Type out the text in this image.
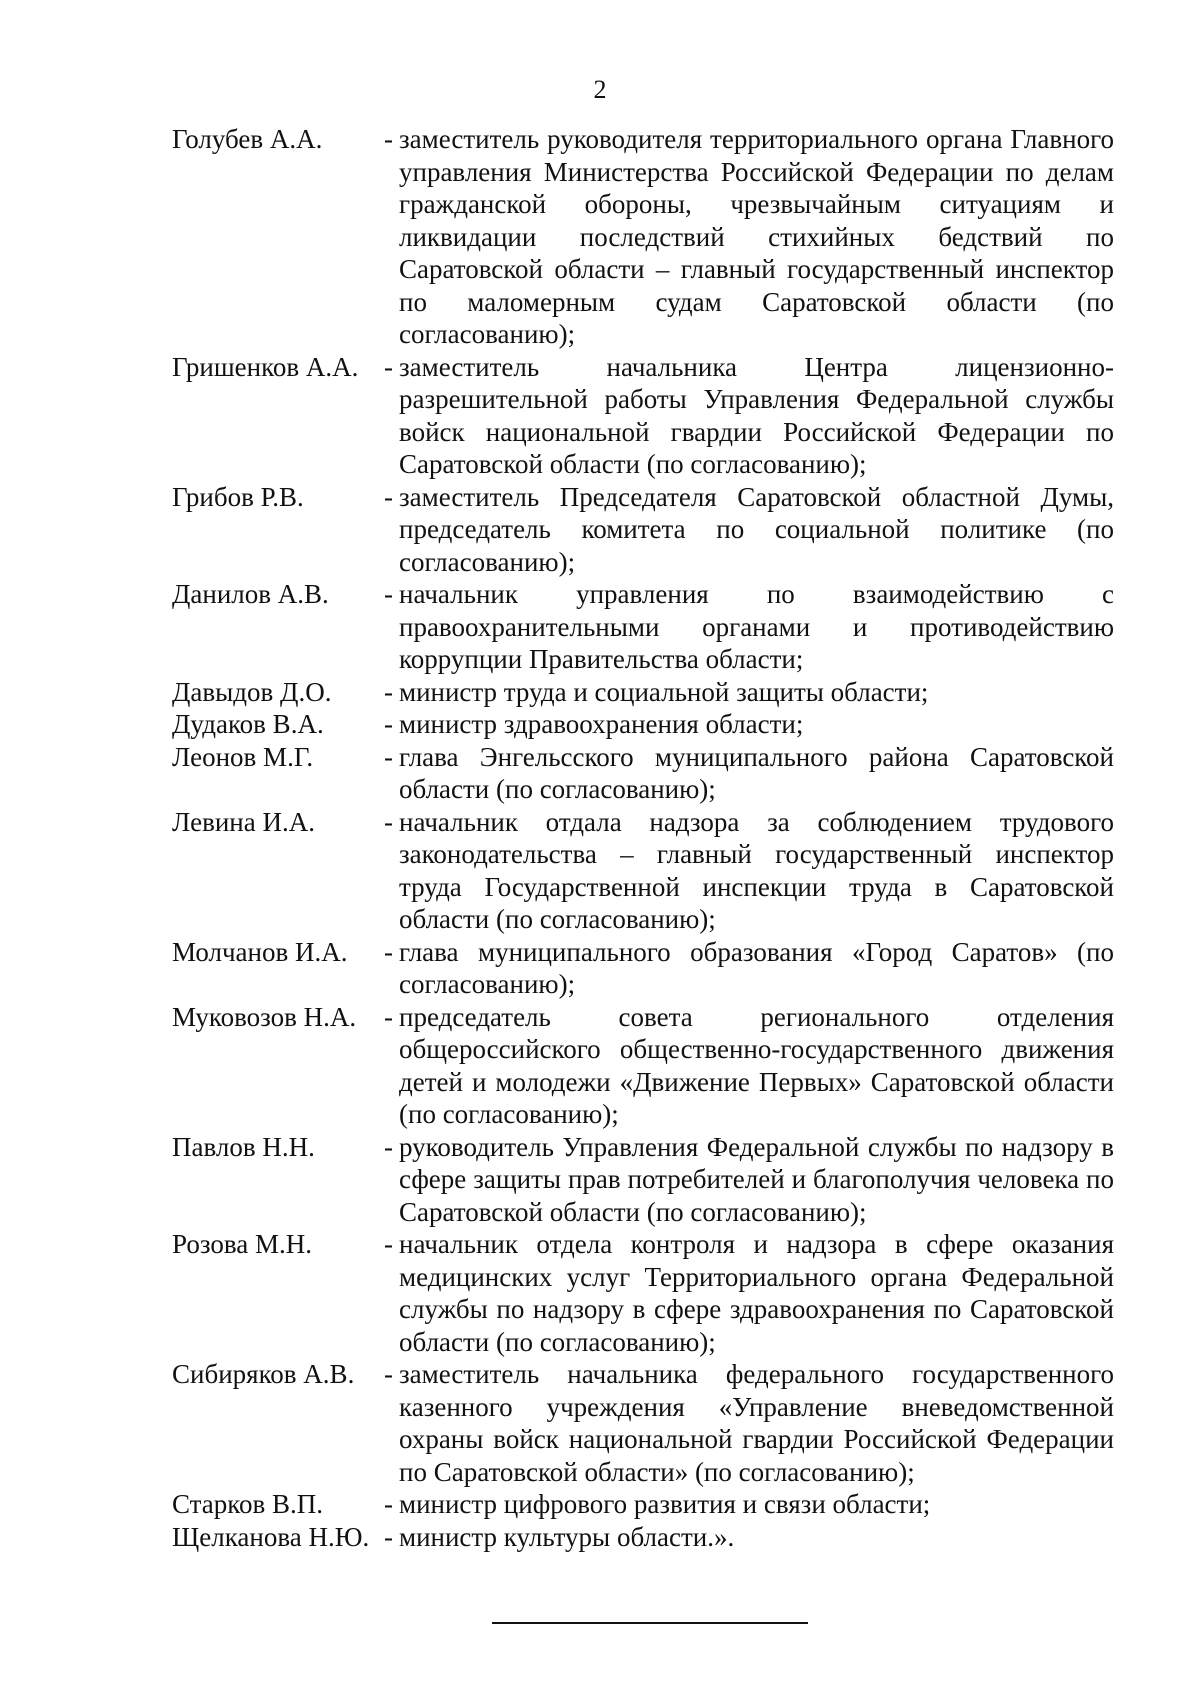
2
Голубев А.А.	- заместитель руководителя территориального органа Главного управления Министерства Российской Федерации по делам гражданской обороны, чрезвычайным ситуациям и ликвидации последствий стихийных бедствий по Саратовской области – главный государственный инспектор по маломерным судам Саратовской области (по согласованию);
Гришенков А.А. - заместитель начальника Центра лицензионно-разрешительной работы Управления Федеральной службы войск национальной гвардии Российской Федерации по Саратовской области (по согласованию);
Грибов Р.В.	- заместитель Председателя Саратовской областной Думы, председатель комитета по социальной политике (по согласованию);
Данилов А.В.	- начальник управления по взаимодействию с правоохранительными органами и противодействию коррупции Правительства области;
Давыдов Д.О.	- министр труда и социальной защиты области;
Дудаков В.А.	- министр здравоохранения области;
Леонов М.Г.	- глава Энгельсского муниципального района Саратовской области (по согласованию);
Левина И.А.	- начальник отдала надзора за соблюдением трудового законодательства – главный государственный инспектор труда Государственной инспекции труда в Саратовской области (по согласованию);
Молчанов И.А.	- глава муниципального образования «Город Саратов» (по согласованию);
Муковозов Н.А.	- председатель совета регионального отделения общероссийского общественно-государственного движения детей и молодежи «Движение Первых» Саратовской области (по согласованию);
Павлов Н.Н.	- руководитель Управления Федеральной службы по надзору в сфере защиты прав потребителей и благополучия человека по Саратовской области (по согласованию);
Розова М.Н.	- начальник отдела контроля и надзора в сфере оказания медицинских услуг Территориального органа Федеральной службы по надзору в сфере здравоохранения по Саратовской области (по согласованию);
Сибиряков А.В.	- заместитель начальника федерального государственного казенного учреждения «Управление вневедомственной охраны войск национальной гвардии Российской Федерации по Саратовской области» (по согласованию);
Старков В.П.	- министр цифрового развития и связи области;
Щелканова Н.Ю. - министр культуры области.».
